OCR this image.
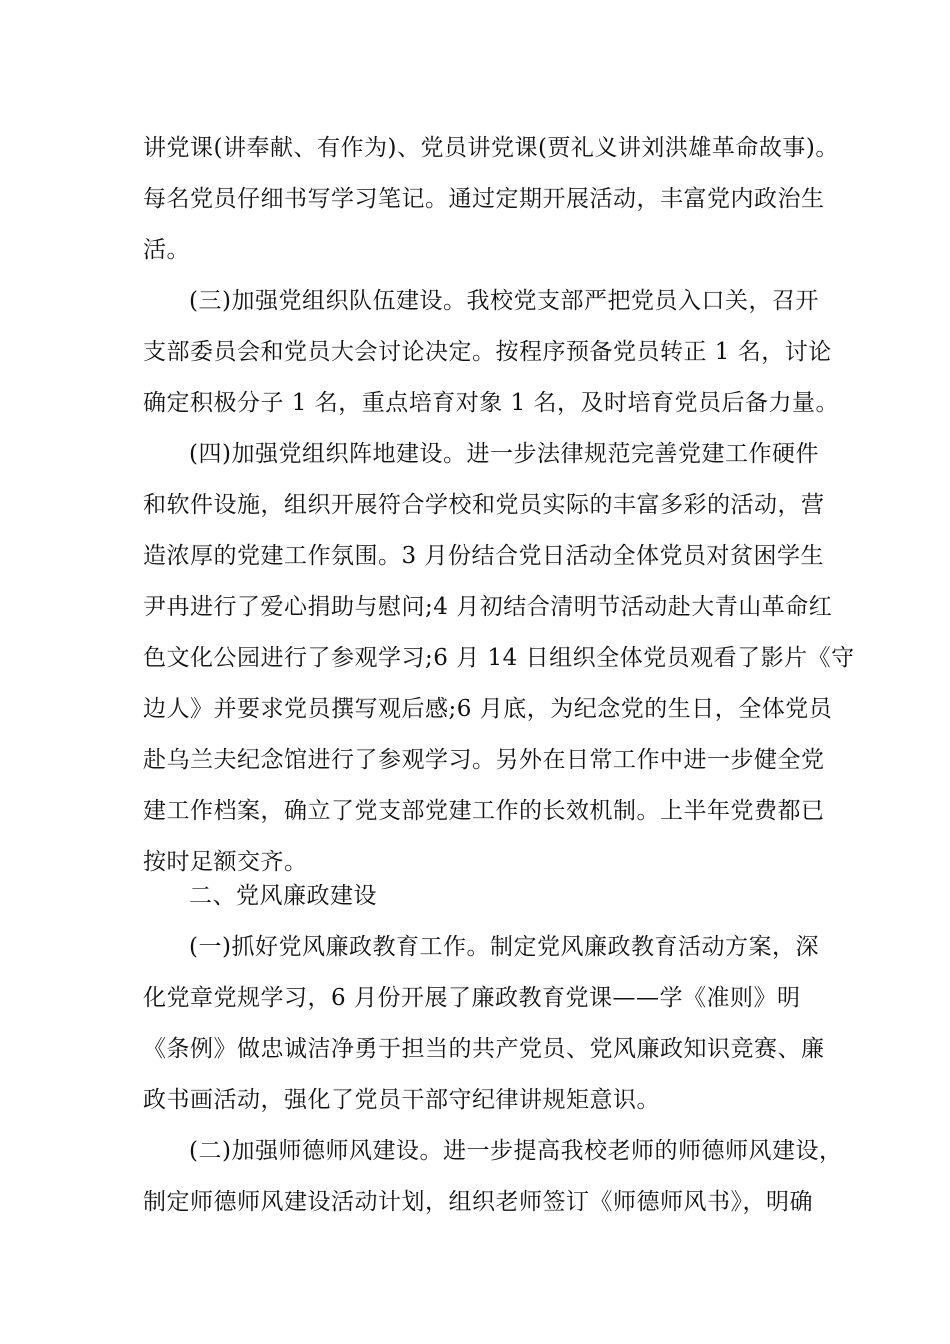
讲党课(讲奉献、有作为)、党员讲党课(贾礼义讲刘洪雄革命故事)。
每名党员仔细书写学习笔记。通过定期开展活动，丰富党内政治生
活。
(三)加强党组织队伍建设。我校党支部严把党员入口关，召开
支部委员会和党员大会讨论决定。按程序预备党员转正 1 名，讨论
确定积极分子 1 名，重点培育对象 1 名，及时培育党员后备力量。
(四)加强党组织阵地建设。进一步法律规范完善党建工作硬件
和软件设施，组织开展符合学校和党员实际的丰富多彩的活动，营
造浓厚的党建工作氛围。3 月份结合党日活动全体党员对贫困学生
尹冉进行了爱心捐助与慰问;4 月初结合清明节活动赴大青山革命红
色文化公园进行了参观学习;6 月 14 日组织全体党员观看了影片《守
边人》并要求党员撰写观后感;6 月底，为纪念党的生日，全体党员
赴乌兰夫纪念馆进行了参观学习。另外在日常工作中进一步健全党
建工作档案，确立了党支部党建工作的长效机制。上半年党费都已
按时足额交齐。
二、党风廉政建设
(一)抓好党风廉政教育工作。制定党风廉政教育活动方案，深
化党章党规学习，6 月份开展了廉政教育党课——学《准则》明
《条例》做忠诚洁净勇于担当的共产党员、党风廉政知识竞赛、廉
政书画活动，强化了党员干部守纪律讲规矩意识。
(二)加强师德师风建设。进一步提高我校老师的师德师风建设，
制定师德师风建设活动计划，组织老师签订《师德师风书》，明确
